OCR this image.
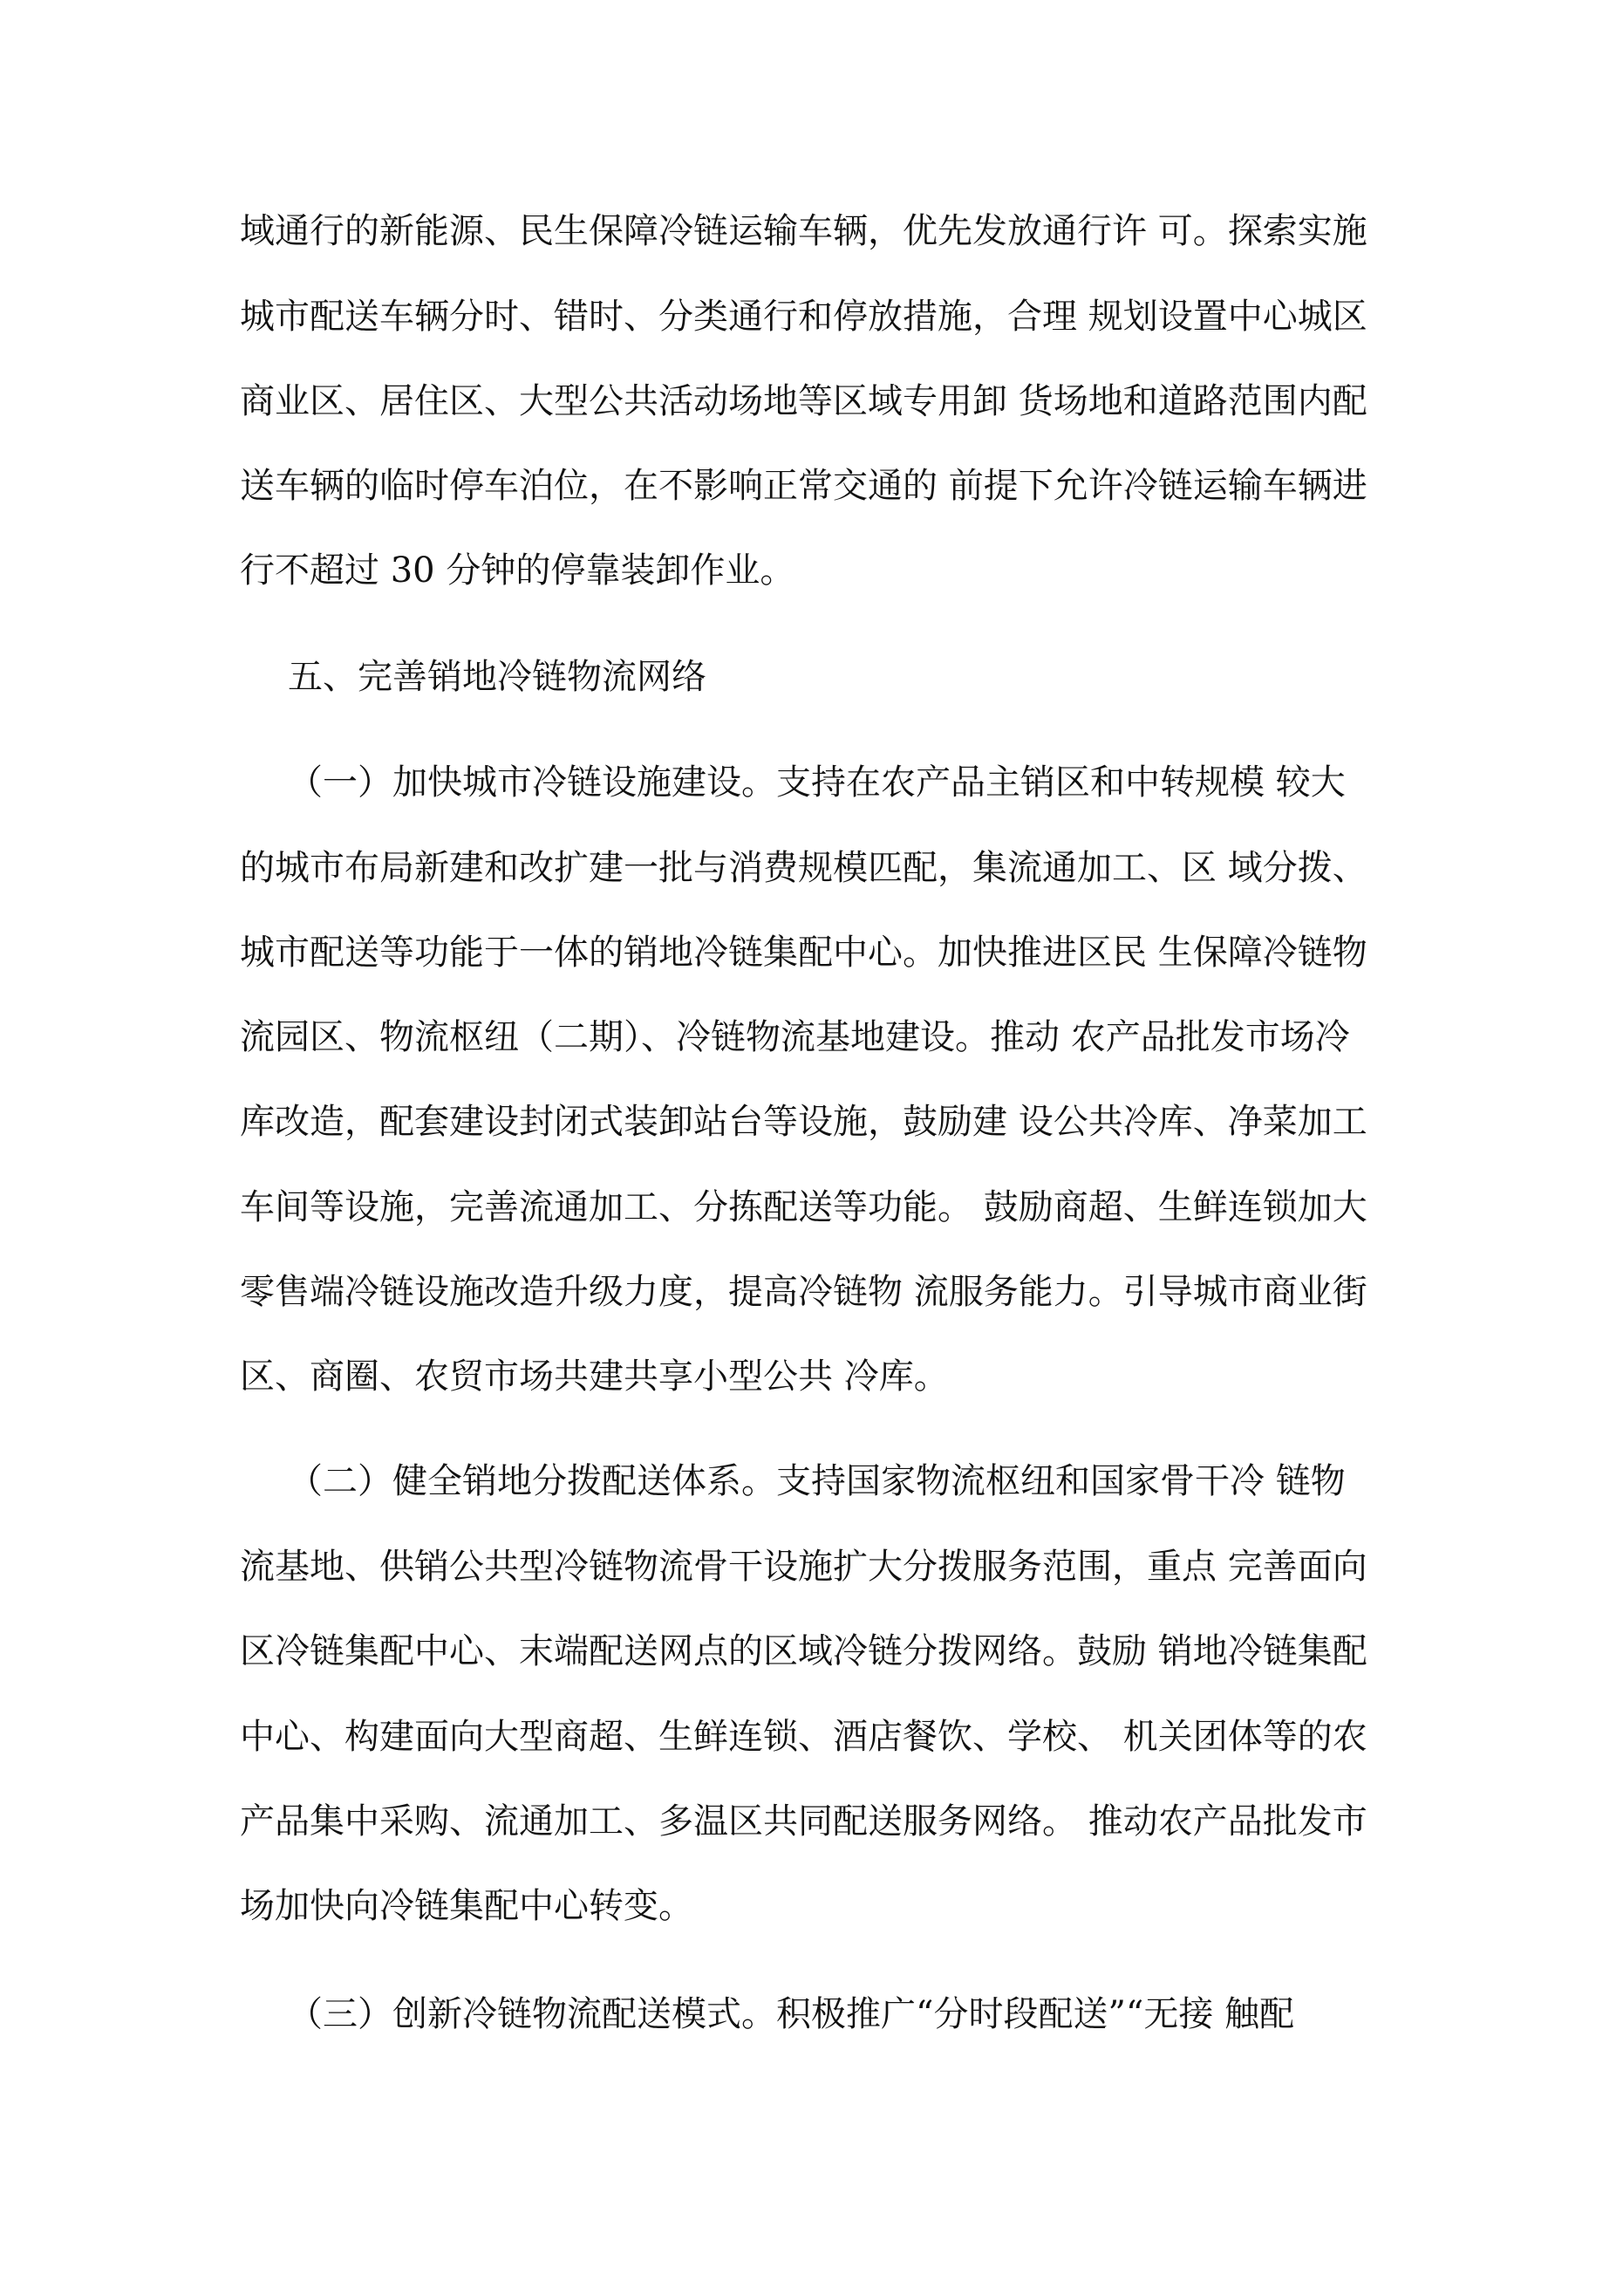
域通行的新能源、民生保障冷链运输车辆，优先发放通行许 可。探索实施
城市配送车辆分时、错时、分类通行和停放措施，合理 规划设置中心城区
商业区、居住区、大型公共活动场地等区域专用卸 货场地和道路范围内配
送车辆的临时停车泊位，在不影响正常交通的 前提下允许冷链运输车辆进
行不超过 30 分钟的停靠装卸作业。
五、完善销地冷链物流网络
（一）加快城市冷链设施建设。支持在农产品主销区和中转规模 较大
的城市布局新建和改扩建一批与消费规模匹配，集流通加工、区 域分拨、
城市配送等功能于一体的销地冷链集配中心。加快推进区民 生保障冷链物
流园区、物流枢纽（二期）、冷链物流基地建设。推动 农产品批发市场冷
库改造，配套建设封闭式装卸站台等设施，鼓励建 设公共冷库、净菜加工
车间等设施，完善流通加工、分拣配送等功能。 鼓励商超、生鲜连锁加大
零售端冷链设施改造升级力度，提高冷链物 流服务能力。引导城市商业街
区、商圈、农贸市场共建共享小型公共 冷库。
（二）健全销地分拨配送体系。支持国家物流枢纽和国家骨干冷 链物
流基地、供销公共型冷链物流骨干设施扩大分拨服务范围，重点 完善面向
区冷链集配中心、末端配送网点的区域冷链分拨网络。鼓励 销地冷链集配
中心、构建面向大型商超、生鲜连锁、酒店餐饮、学校、 机关团体等的农
产品集中采购、流通加工、多温区共同配送服务网络。 推动农产品批发市
场加快向冷链集配中心转变。
（三）创新冷链物流配送模式。积极推广“分时段配送”“无接 触配
